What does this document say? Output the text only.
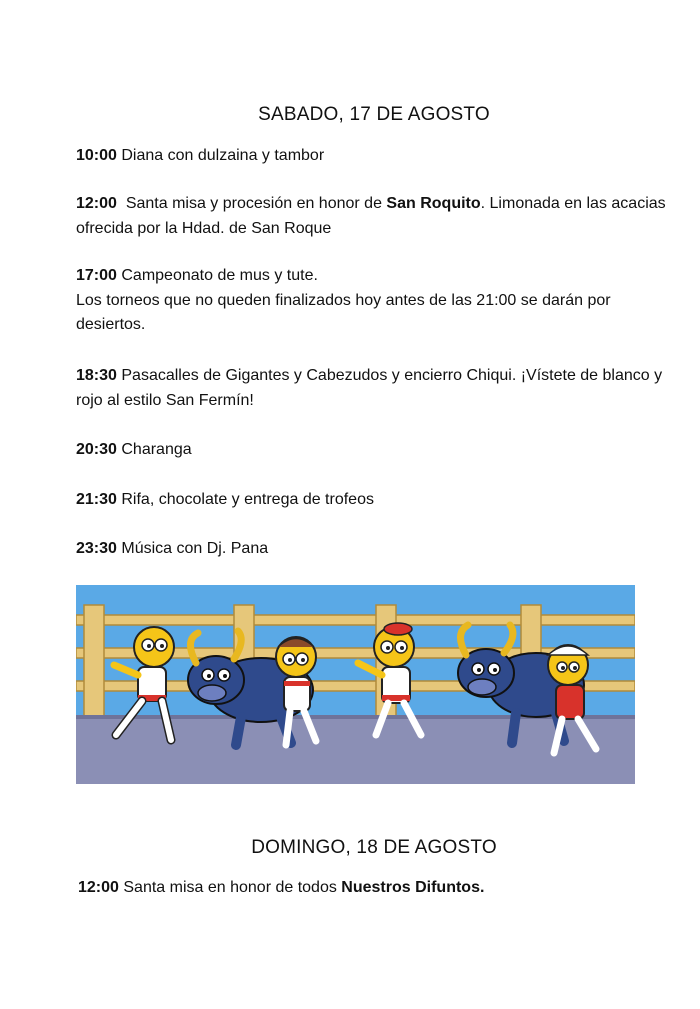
SABADO, 17 DE AGOSTO
10:00 Diana con dulzaina y tambor
12:00 Santa misa y procesión en honor de San Roquito. Limonada en las acacias ofrecida por la Hdad. de San Roque
17:00 Campeonato de mus y tute.
Los torneos que no queden finalizados hoy antes de las 21:00 se darán por desiertos.
18:30 Pasacalles de Gigantes y Cabezudos y encierro Chiqui. ¡Vístete de blanco y rojo al estilo San Fermín!
20:30 Charanga
21:30 Rifa, chocolate y entrega de trofeos
23:30 Música con Dj. Pana
DOMINGO, 18 DE AGOSTO
12:00 Santa misa en honor de todos Nuestros Difuntos.
